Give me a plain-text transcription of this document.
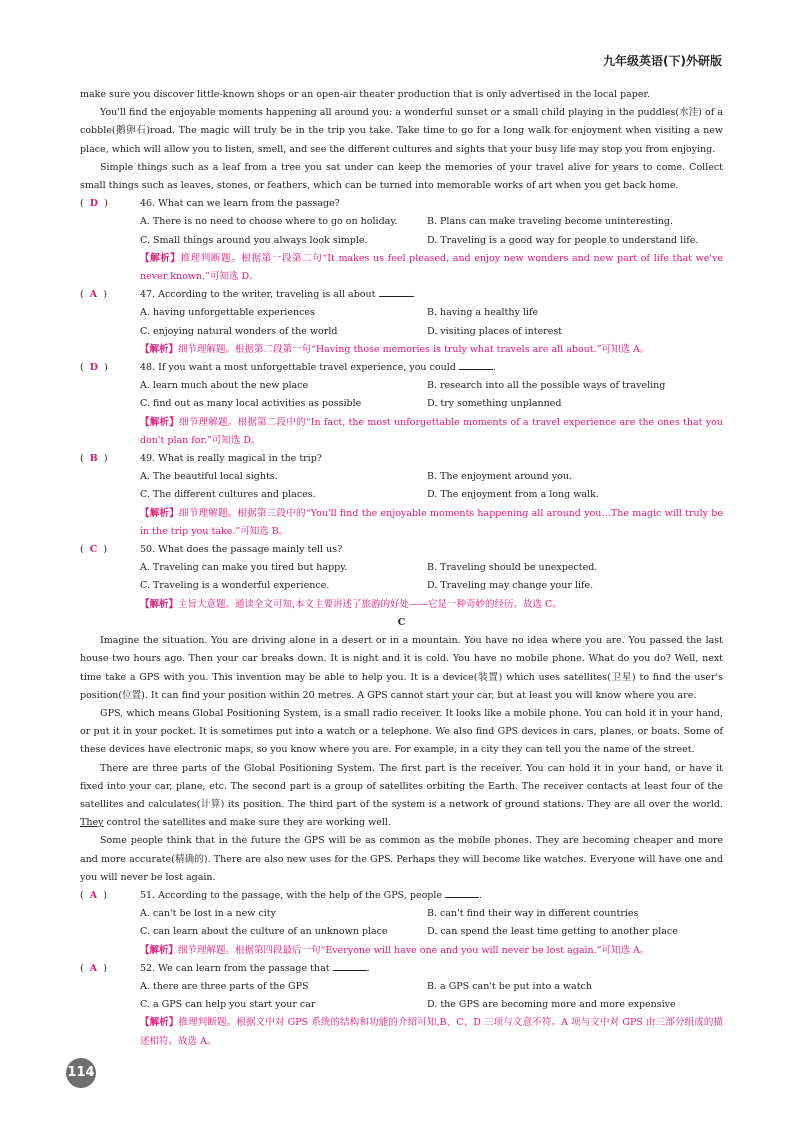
九年级英语(下)外研版
make sure you discover little-known shops or an open-air theater production that is only advertised in the local paper.
You'll find the enjoyable moments happening all around you: a wonderful sunset or a small child playing in the puddles(水洼) of a cobble(鹅卵石)road. The magic will truly be in the trip you take. Take time to go for a long walk for enjoyment when visiting a new place, which will allow you to listen, smell, and see the different cultures and sights that your busy life may stop you from enjoying.
Simple things such as a leaf from a tree you sat under can keep the memories of your travel alive for years to come. Collect small things such as leaves, stones, or feathers, which can be turned into memorable works of art when you get back home.
( D )	46. What can we learn from the passage?
A. There is no need to choose where to go on holiday.	B. Plans can make traveling become uninteresting.
C. Small things around you always look simple.	D. Traveling is a good way for people to understand life.
【解析】推理判断题。根据第一段第二句“It makes us feel pleased, and enjoy new wonders and new part of life that we've never known.”可知选 D。
( A )	47. According to the writer, traveling is all about	.
A. having unforgettable experiences	B. having a healthy life
C. enjoying natural wonders of the world	D. visiting places of interest
【解析】细节理解题。根据第二段第一句“Having those memories is truly what travels are all about.”可知选 A。
( D )	48. If you want a most unforgettable travel experience, you could	.
A. learn much about the new place	B. research into all the possible ways of traveling
C. find out as many local activities as possible	D. try something unplanned
【解析】细节理解题。根据第二段中的“In fact, the most unforgettable moments of a travel experience are the ones that you don't plan for.”可知选 D。
( B )	49. What is really magical in the trip?
A. The beautiful local sights.	B. The enjoyment around you.
C. The different cultures and places.	D. The enjoyment from a long walk.
【解析】细节理解题。根据第三段中的“You'll find the enjoyable moments happening all around you…The magic will truly be in the trip you take.”可知选 B。
( C )	50. What does the passage mainly tell us?
A. Traveling can make you tired but happy.	B. Traveling should be unexpected.
C. Traveling is a wonderful experience.	D. Traveling may change your life.
【解析】主旨大意题。通读全文可知,本文主要讲述了旅游的好处——它是一种奇妙的经历。故选 C。
C
Imagine the situation. You are driving alone in a desert or in a mountain. You have no idea where you are. You passed the last house two hours ago. Then your car breaks down. It is night and it is cold. You have no mobile phone. What do you do? Well, next time take a GPS with you. This invention may be able to help you. It is a device(装置) which uses satellites(卫星) to find the user's position(位置). It can find your position within 20 metres. A GPS cannot start your car, but at least you will know where you are.
GPS, which means Global Positioning System, is a small radio receiver. It looks like a mobile phone. You can hold it in your hand, or put it in your pocket. It is sometimes put into a watch or a telephone. We also find GPS devices in cars, planes, or boats. Some of these devices have electronic maps, so you know where you are. For example, in a city they can tell you the name of the street.
There are three parts of the Global Positioning System. The first part is the receiver. You can hold it in your hand, or have it fixed into your car, plane, etc. The second part is a group of satellites orbiting the Earth. The receiver contacts at least four of the satellites and calculates(计算) its position. The third part of the system is a network of ground stations. They are all over the world. They control the satellites and make sure they are working well.
Some people think that in the future the GPS will be as common as the mobile phones. They are becoming cheaper and more and more accurate(精确的). There are also new uses for the GPS. Perhaps they will become like watches. Everyone will have one and you will never be lost again.
( A )	51. According to the passage, with the help of the GPS, people	.
A. can't be lost in a new city	B. can't find their way in different countries
C. can learn about the culture of an unknown place	D. can spend the least time getting to another place
【解析】细节理解题。根据第四段最后一句“Everyone will have one and you will never be lost again.”可知选 A。
( A )	52. We can learn from the passage that	.
A. there are three parts of the GPS	B. a GPS can't be put into a watch
C. a GPS can help you start your car	D. the GPS are becoming more and more expensive
【解析】推理判断题。根据文中对 GPS 系统的结构和功能的介绍可知,B、C、D 三项与文意不符。A 项与文中对 GPS 由三部分组成的描述相符。故选 A。
114
